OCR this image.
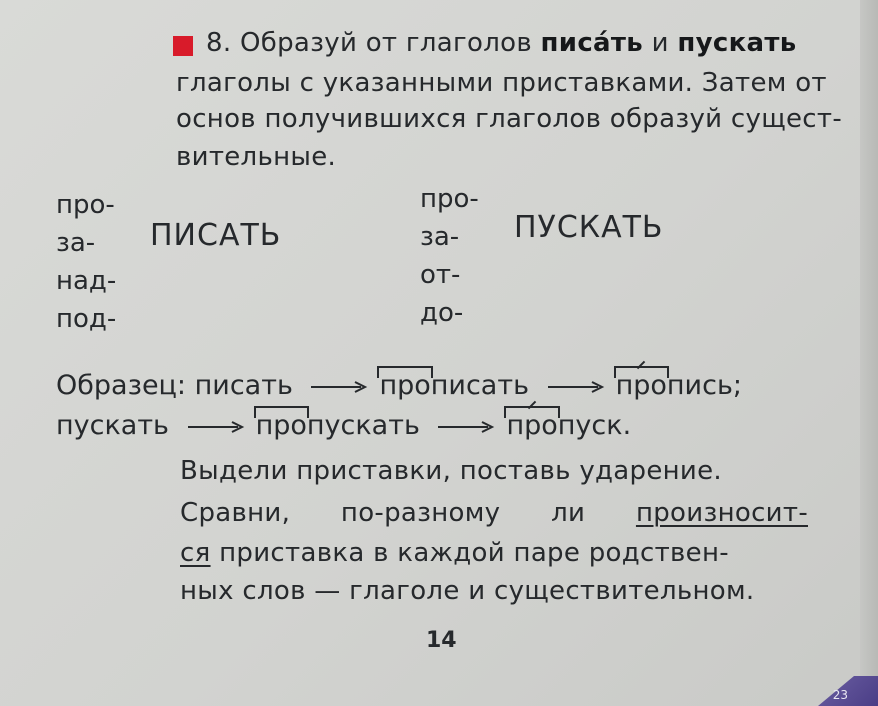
8. Образуй от глаголов писа́ть и пускать
глаголы с указанными приставками. Затем от
основ получившихся глаголов образуй сущест-
вительные.
про-
за-
над-
под-
ПИСАТЬ
про-
за-
от-
до-
ПУСКАТЬ
Образец: писать	прописать	пропись;
пускать	пропускать	пропуск.
Выдели приставки, поставь ударение.
Сравни, по-разному ли произносит-
ся приставка в каждой паре родствен-
ных слов — глаголе и существительном.
14
23
